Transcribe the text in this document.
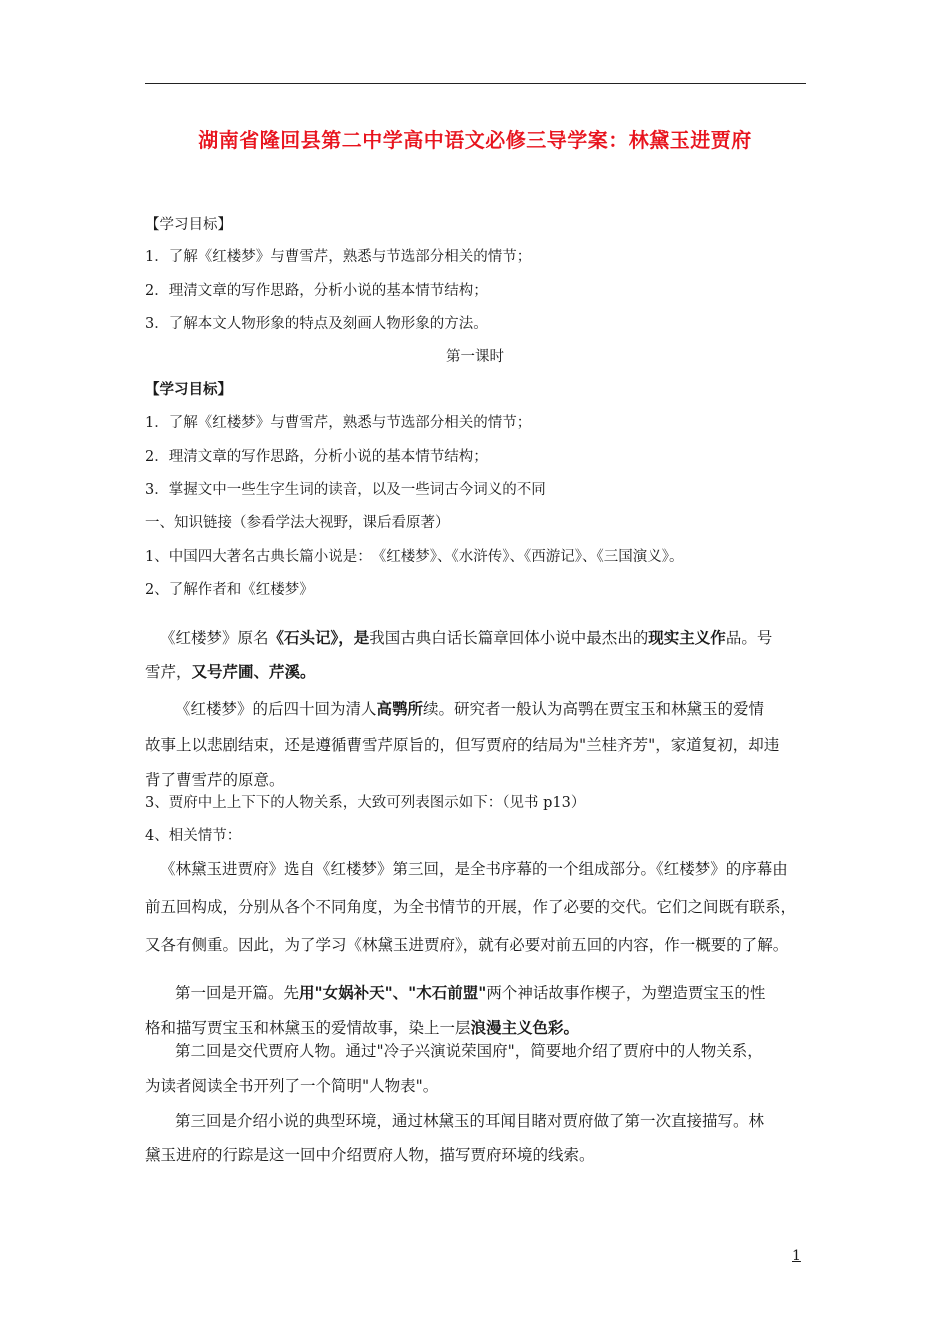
湖南省隆回县第二中学高中语文必修三导学案：林黛玉进贾府
【学习目标】
1．了解《红楼梦》与曹雪芹，熟悉与节选部分相关的情节；
2．理清文章的写作思路，分析小说的基本情节结构；
3．了解本文人物形象的特点及刻画人物形象的方法。
第一课时
【学习目标】
1．了解《红楼梦》与曹雪芹，熟悉与节选部分相关的情节；
2．理清文章的写作思路，分析小说的基本情节结构；
3．掌握文中一些生字生词的读音，以及一些词古今词义的不同
一、知识链接（参看学法大视野，课后看原著）
1、中国四大著名古典长篇小说是：　《红楼梦》、《水浒传》、《西游记》、《三国演义》。
2、了解作者和《红楼梦》
《红楼梦》原名《石头记》，是我国古典白话长篇章回体小说中最杰出的现实主义作品。号
雪芹，又号芹圃、芹溪。
《红楼梦》的后四十回为清人高鹗所续。研究者一般认为高鹗在贾宝玉和林黛玉的爱情
故事上以悲剧结束，还是遵循曹雪芹原旨的，但写贾府的结局为"兰桂齐芳"，家道复初，却违
背了曹雪芹的原意。
3、贾府中上上下下的人物关系，大致可列表图示如下：（见书 p13）
4、相关情节：
《林黛玉进贾府》选自《红楼梦》第三回，是全书序幕的一个组成部分。《红楼梦》的序幕由
前五回构成，分别从各个不同角度，为全书情节的开展，作了必要的交代。它们之间既有联系，
又各有侧重。因此，为了学习《林黛玉进贾府》，就有必要对前五回的内容，作一概要的了解。
第一回是开篇。先用"女娲补天"、"木石前盟"两个神话故事作楔子，为塑造贾宝玉的性
格和描写贾宝玉和林黛玉的爱情故事，染上一层浪漫主义色彩。
第二回是交代贾府人物。通过"冷子兴演说荣国府"，简要地介绍了贾府中的人物关系，
为读者阅读全书开列了一个简明"人物表"。
第三回是介绍小说的典型环境，通过林黛玉的耳闻目睹对贾府做了第一次直接描写。林
黛玉进府的行踪是这一回中介绍贾府人物，描写贾府环境的线索。
1
